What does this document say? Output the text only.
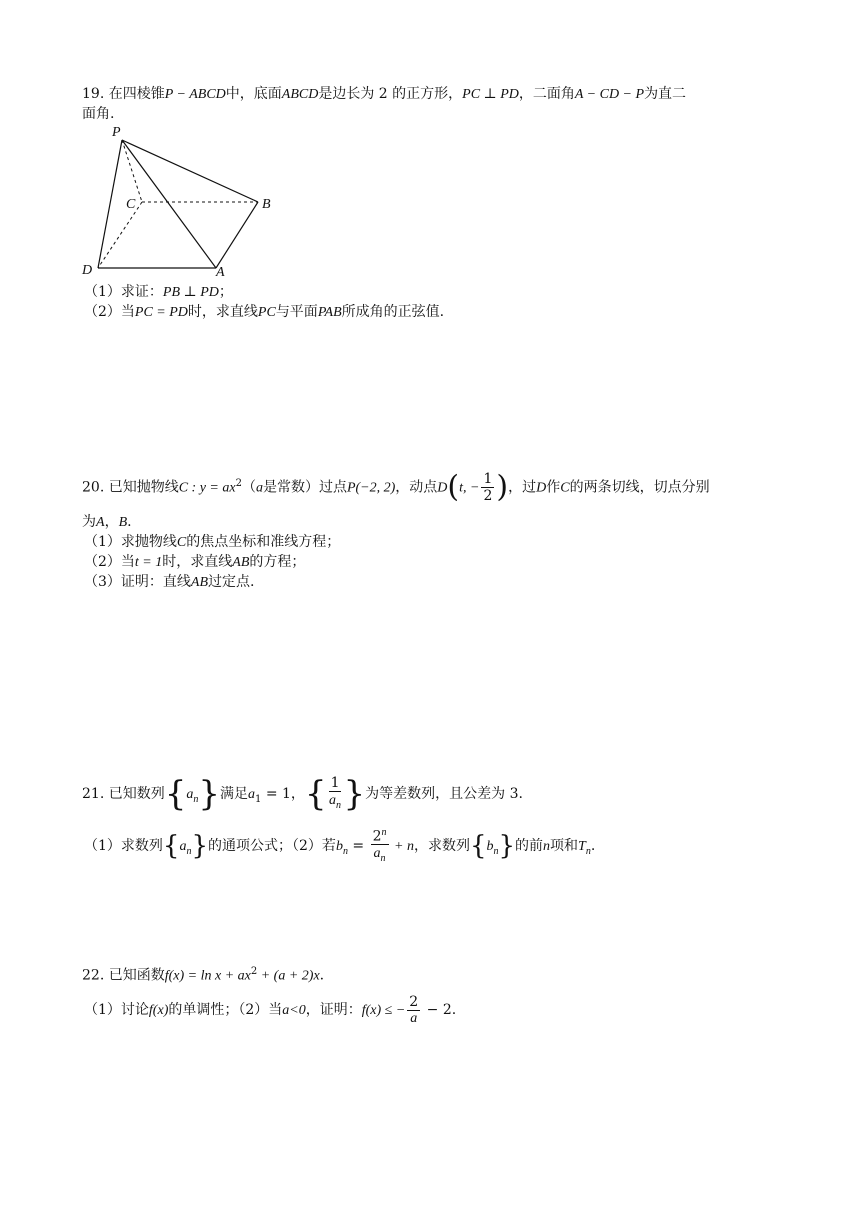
19. 在四棱锥P − ABCD中，底面ABCD是边长为 2 的正方形，PC ⊥ PD，二面角A − CD − P为直二
面角.
P
C	B
D	A
（1）求证：PB ⊥ PD；
（2）当PC = PD时，求直线PC与平面PAB所成角的正弦值.
20. 已知抛物线C : $y = ax^2(a$是常数）过点P(−2, 2)，动点D(t, − $\frac{1}{2}$ )，过D作C的两条切线，切点分别
为A，B.
（1）求抛物线C的焦点坐标和准线方程；
（2）当t = 1时，求直线AB的方程；
（3）证明：直线AB过定点.
21. 已知数列$\{a_n\}$满足$a_1 = 1$，{ $\frac{1}{a_n}$ }为等差数列，且公差为 3.
（1）求数列$\{a_n\}$的通项公式；（2）若$b_n = \frac{2^n}{a_n} + n$，求数列$\{b_n\}$的前n项和$T_n$.
22. 已知函数$f(x) = \ln x + ax^2 + (a + 2)x$.
（1）讨论f(x)的单调性；（2）当a<0，证明：f(x) ≤ − $\frac{2}{a} - 2$.
